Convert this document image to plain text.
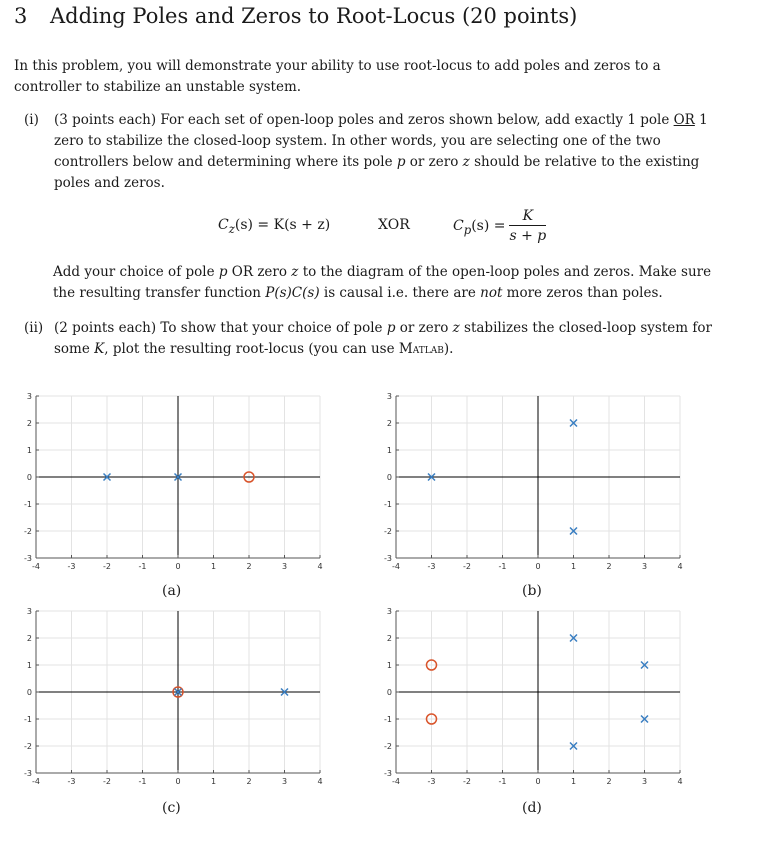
3 Adding Poles and Zeros to Root-Locus (20 points)
In this problem, you will demonstrate your ability to use root-locus to add poles and zeros to a controller to stabilize an unstable system.
(i)	(3 points each) For each set of open-loop poles and zeros shown below, add exactly 1 pole OR 1 zero to stabilize the closed-loop system. In other words, you are selecting one of the two controllers below and determining where its pole p or zero z should be relative to the existing poles and zeros.
$C_z(s) = K(s + z)$	XOR	$C_p(s) = \frac{K}{s + p}$
Add your choice of pole p OR zero z to the diagram of the open-loop poles and zeros. Make sure the resulting transfer function P(s)C(s) is causal i.e. there are not more zeros than poles.
(ii) (2 points each) To show that your choice of pole p or zero z stabilizes the closed-loop system for some K, plot the resulting root-locus (you can use Matlab).
-4	-3	-2	-1	0	1	2	3	4
3
2
1
0
-1
-2
-3
(a)
-4	-3	-2	-1	0	1	2	3	4
3
2
1
0
-1
-2
-3
(b)
-4	-3	-2	-1	0	1	2	3	4
3
2
1
0
-1
-2
-3
(c)
-4	-3	-2	-1	0	1	2	3	4
3
2
1
0
-1
-2
-3
(d)
